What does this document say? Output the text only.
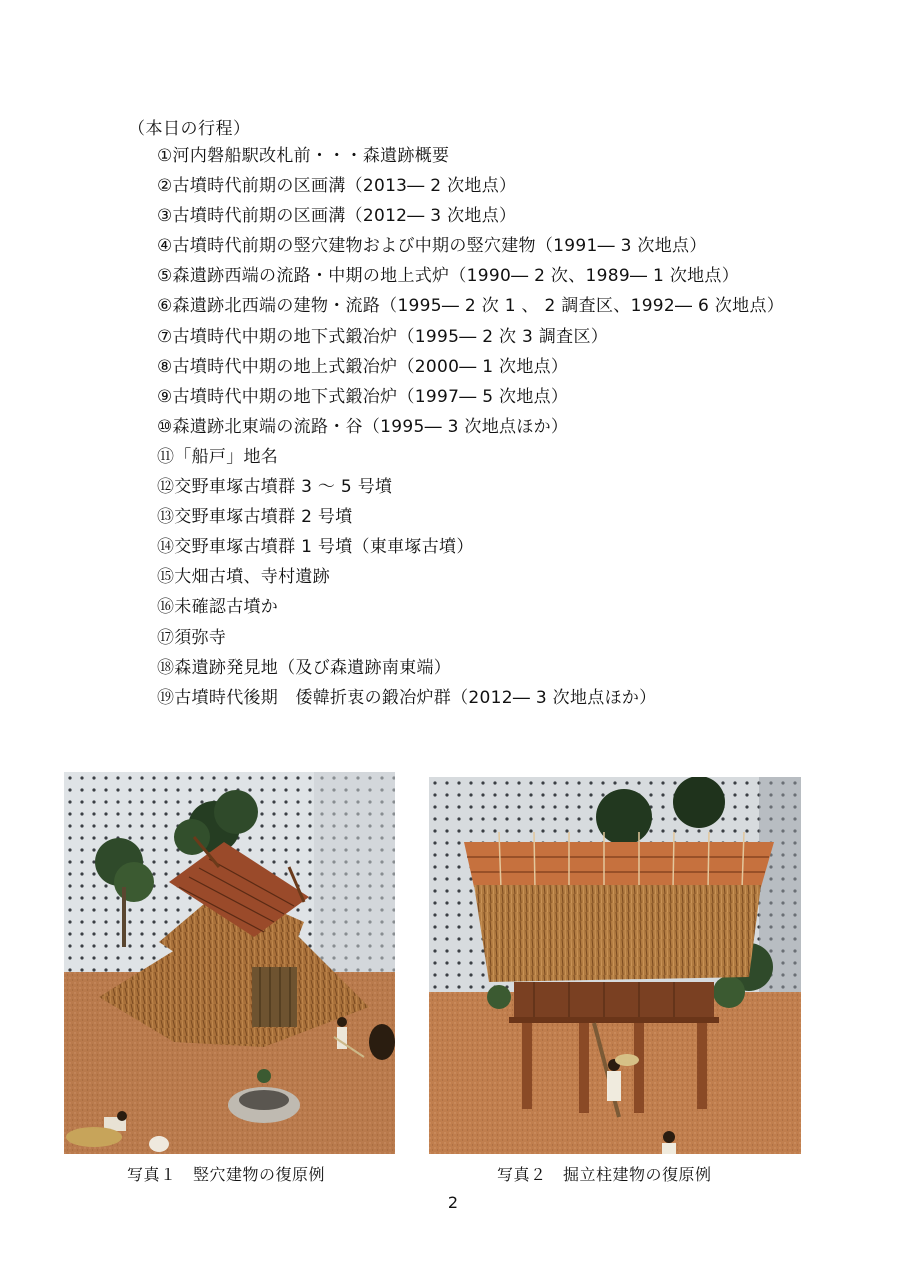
（本日の行程）
①河内磐船駅改札前・・・森遺跡概要
②古墳時代前期の区画溝（2013― 2 次地点）
③古墳時代前期の区画溝（2012― 3 次地点）
④古墳時代前期の竪穴建物および中期の竪穴建物（1991― 3 次地点）
⑤森遺跡西端の流路・中期の地上式炉（1990― 2 次、1989― 1 次地点）
⑥森遺跡北西端の建物・流路（1995― 2 次 1 、 2 調査区、1992― 6 次地点）
⑦古墳時代中期の地下式鍛冶炉（1995― 2 次 3 調査区）
⑧古墳時代中期の地上式鍛冶炉（2000― 1 次地点）
⑨古墳時代中期の地下式鍛冶炉（1997― 5 次地点）
⑩森遺跡北東端の流路・谷（1995― 3 次地点ほか）
⑪「船戸」地名
⑫交野車塚古墳群 3 ～ 5 号墳
⑬交野車塚古墳群 2 号墳
⑭交野車塚古墳群 1 号墳（東車塚古墳）
⑮大畑古墳、寺村遺跡
⑯未確認古墳か
⑰須弥寺
⑱森遺跡発見地（及び森遺跡南東端）
⑲古墳時代後期　倭韓折衷の鍛冶炉群（2012― 3 次地点ほか）
写真１　竪穴建物の復原例	写真２　掘立柱建物の復原例
2
